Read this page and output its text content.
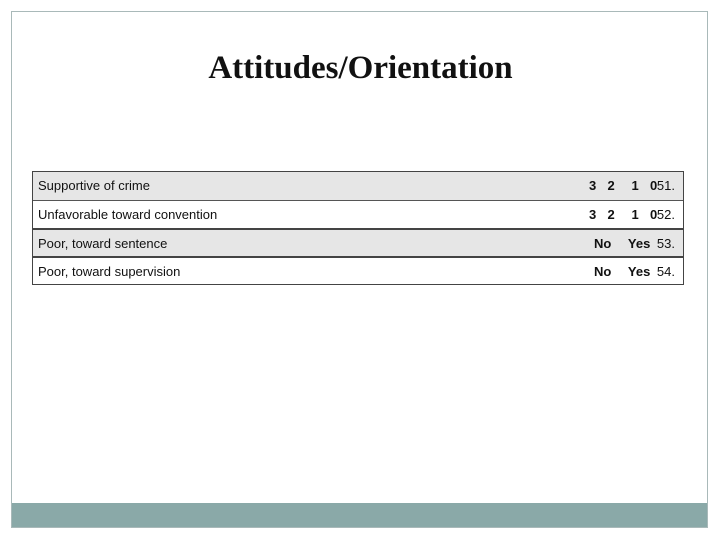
Attitudes/Orientation
Supportive of crime	3  2   1  0 51.
Unfavorable toward convention	3  2   1  0 52.
Poor, toward sentence	No   Yes 53.
Poor, toward supervision	No   Yes 54.
